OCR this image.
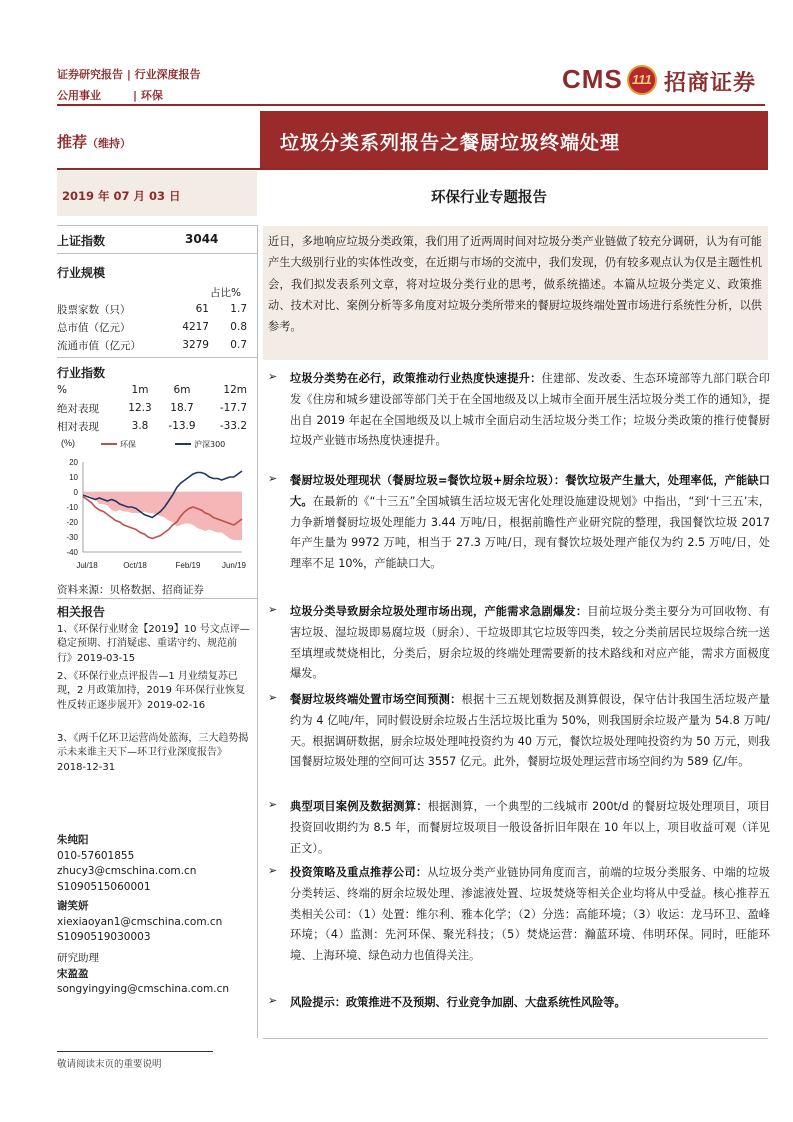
证券研究报告 | 行业深度报告
公用事业	| 环保
CMS 111 招商证券
推荐（维持）	垃圾分类系列报告之餐厨垃圾终端处理
2019 年 07 月 03 日	环保行业专题报告
上证指数	3044
行业规模
占比%
股票家数（只）	61	1.7
总市值（亿元）	4217	0.8
流通市值（亿元）	3279	0.7
行业指数
%	1m	6m	12m
绝对表现	12.3	18.7	-17.7
相对表现	3.8	-13.9	-33.2
(%)	环保	沪深300
20
10
0
-10
-20
-30
-40
Jul/18	Oct/18	Feb/19	Jun/19
资料来源：贝格数据、招商证券
相关报告
1、《环保行业财金【2019】10 号文点评—稳定预期、打消疑虑、重诺守约、规范前行》2019-03-15
2、《环保行业点评报告—1 月业绩复苏已现，2 月政策加持，2019 年环保行业恢复性反转正逐步展开》2019-02-16
3、《两千亿环卫运营尚处蓝海，三大趋势揭示未来谁主天下—环卫行业深度报告》2018-12-31
朱纯阳
010-57601855
zhucy3@cmschina.com.cn
S1090515060001
谢笑妍
xiexiaoyan1@cmschina.com.cn
S1090519030003
研究助理
宋盈盈
songyingying@cmschina.com.cn
近日，多地响应垃圾分类政策，我们用了近两周时间对垃圾分类产业链做了较充分调研，认为有可能产生大级别行业的实体性改变，在近期与市场的交流中，我们发现，仍有较多观点认为仅是主题性机会，我们拟发表系列文章，将对垃圾分类行业的思考，做系统描述。本篇从垃圾分类定义、政策推动、技术对比、案例分析等多角度对垃圾分类所带来的餐厨垃圾终端处置市场进行系统性分析，以供参考。
➢ 垃圾分类势在必行，政策推动行业热度快速提升：住建部、发改委、生态环境部等九部门联合印发《住房和城乡建设部等部门关于在全国地级及以上城市全面开展生活垃圾分类工作的通知》，提出自 2019 年起在全国地级及以上城市全面启动生活垃圾分类工作；垃圾分类政策的推行使餐厨垃圾产业链市场热度快速提升。
➢ 餐厨垃圾处理现状（餐厨垃圾=餐饮垃圾+厨余垃圾）：餐饮垃圾产生量大，处理率低，产能缺口大。在最新的《“十三五”全国城镇生活垃圾无害化处理设施建设规划》中指出，“到‘十三五’末，力争新增餐厨垃圾处理能力 3.44 万吨/日，根据前瞻性产业研究院的整理，我国餐饮垃圾 2017 年产生量为 9972 万吨，相当于 27.3 万吨/日，现有餐饮垃圾处理产能仅为约 2.5 万吨/日，处理率不足 10%，产能缺口大。
➢ 垃圾分类导致厨余垃圾处理市场出现，产能需求急剧爆发：目前垃圾分类主要分为可回收物、有害垃圾、湿垃圾即易腐垃圾（厨余）、干垃圾即其它垃圾等四类，较之分类前居民垃圾综合统一送至填埋或焚烧相比，分类后，厨余垃圾的终端处理需要新的技术路线和对应产能，需求方面极度爆发。
➢ 餐厨垃圾终端处置市场空间预测：根据十三五规划数据及测算假设，保守估计我国生活垃圾产量约为 4 亿吨/年，同时假设厨余垃圾占生活垃圾比重为 50%，则我国厨余垃圾产量为 54.8 万吨/天。根据调研数据，厨余垃圾处理吨投资约为 40 万元，餐饮垃圾处理吨投资约为 50 万元，则我国餐厨垃圾处理的空间可达 3557 亿元。此外，餐厨垃圾处理运营市场空间约为 589 亿/年。
➢ 典型项目案例及数据测算：根据测算，一个典型的二线城市 200t/d 的餐厨垃圾处理项目，项目投资回收期约为 8.5 年，而餐厨垃圾项目一般设备折旧年限在 10 年以上，项目收益可观（详见正文）。
➢ 投资策略及重点推荐公司：从垃圾分类产业链协同角度而言，前端的垃圾分类服务、中端的垃圾分类转运、终端的厨余垃圾处理、渗滤液处置、垃圾焚烧等相关企业均将从中受益。核心推荐五类相关公司：（1）处置：维尔利、雅本化学；（2）分选：高能环境；（3）收运：龙马环卫、盈峰环境；（4）监测：先河环保、聚光科技；（5）焚烧运营：瀚蓝环境、伟明环保。同时，旺能环境、上海环境、绿色动力也值得关注。
➢ 风险提示：政策推进不及预期、行业竞争加剧、大盘系统性风险等。
敬请阅读末页的重要说明
